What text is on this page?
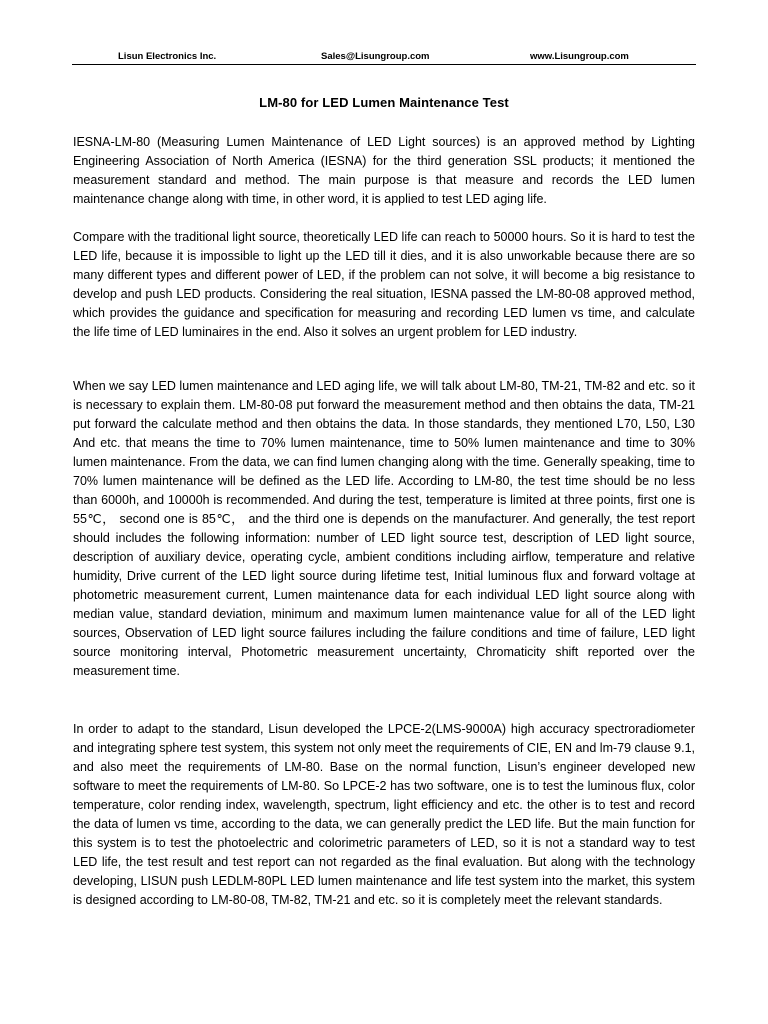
Lisun Electronics Inc.	Sales@Lisungroup.com	www.Lisungroup.com
LM-80 for LED Lumen Maintenance Test

IESNA-LM-80 (Measuring Lumen Maintenance of LED Light sources) is an approved method by Lighting Engineering Association of North America (IESNA) for the third generation SSL products; it mentioned the measurement standard and method. The main purpose is that measure and records the LED lumen maintenance change along with time, in other word, it is applied to test LED aging life.

Compare with the traditional light source, theoretically LED life can reach to 50000 hours. So it is hard to test the LED life, because it is impossible to light up the LED till it dies, and it is also unworkable because there are so many different types and different power of LED, if the problem can not solve, it will become a big resistance to develop and push LED products. Considering the real situation, IESNA passed the LM-80-08 approved method, which provides the guidance and specification for measuring and recording LED lumen vs time, and calculate the life time of LED luminaires in the end. Also it solves an urgent problem for LED industry.

When we say LED lumen maintenance and LED aging life, we will talk about LM-80, TM-21, TM-82 and etc. so it is necessary to explain them. LM-80-08 put forward the measurement method and then obtains the data, TM-21 put forward the calculate method and then obtains the data. In those standards, they mentioned L70, L50, L30 And etc. that means the time to 70% lumen maintenance, time to 50% lumen maintenance and time to 30% lumen maintenance. From the data, we can find lumen changing along with the time. Generally speaking, time to 70% lumen maintenance will be defined as the LED life. According to LM-80, the test time should be no less than 6000h, and 10000h is recommended. And during the test, temperature is limited at three points, first one is 55℃， second one is 85℃， and the third one is depends on the manufacturer. And generally, the test report should includes the following information: number of LED light source test, description of LED light source, description of auxiliary device, operating cycle, ambient conditions including airflow, temperature and relative humidity, Drive current of the LED light source during lifetime test, Initial luminous flux and forward voltage at photometric measurement current, Lumen maintenance data for each individual LED light source along with median value, standard deviation, minimum and maximum lumen maintenance value for all of the LED light sources, Observation of LED light source failures including the failure conditions and time of failure, LED light source monitoring interval, Photometric measurement uncertainty, Chromaticity shift reported over the measurement time.

In order to adapt to the standard, Lisun developed the LPCE-2(LMS-9000A) high accuracy spectroradiometer and integrating sphere test system, this system not only meet the requirements of CIE, EN and lm-79 clause 9.1, and also meet the requirements of LM-80. Base on the normal function, Lisun’s engineer developed new software to meet the requirements of LM-80. So LPCE-2 has two software, one is to test the luminous flux, color temperature, color rending index, wavelength, spectrum, light efficiency and etc. the other is to test and record the data of lumen vs time, according to the data, we can generally predict the LED life. But the main function for this system is to test the photoelectric and colorimetric parameters of LED, so it is not a standard way to test LED life, the test result and test report can not regarded as the final evaluation. But along with the technology developing, LISUN push LEDLM-80PL LED lumen maintenance and life test system into the market, this system is designed according to LM-80-08, TM-82, TM-21 and etc. so it is completely meet the relevant standards.
